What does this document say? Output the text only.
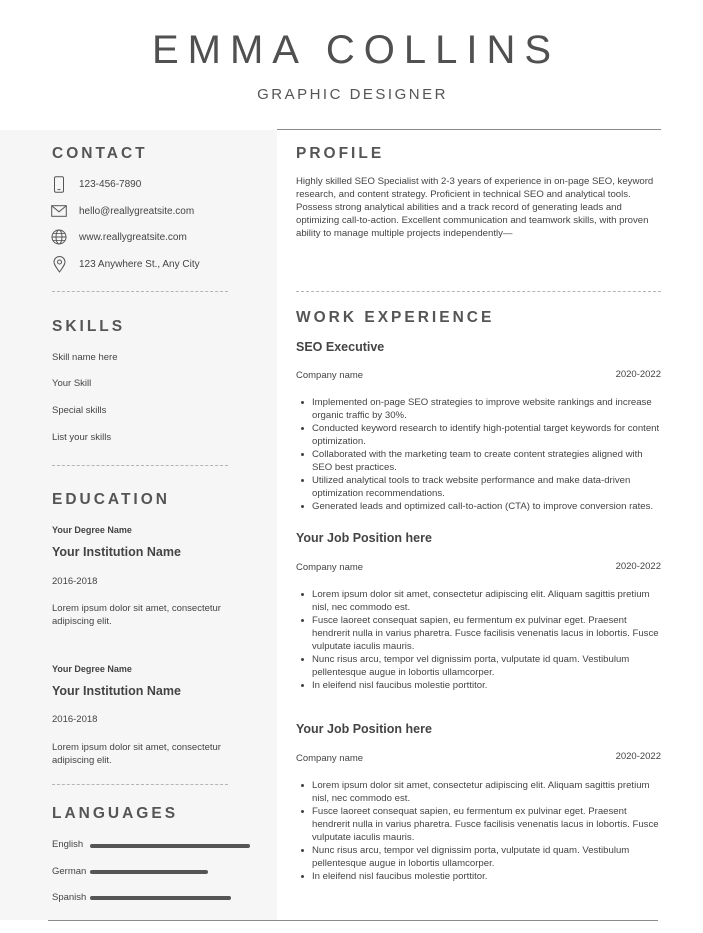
EMMA COLLINS
GRAPHIC DESIGNER
CONTACT
123-456-7890
hello@reallygreatsite.com
www.reallygreatsite.com
123 Anywhere St., Any City
SKILLS
Skill name here
Your Skill
Special skills
List your skills
EDUCATION
Your Degree Name
Your Institution Name
2016-2018
Lorem ipsum dolor sit amet, consectetur adipiscing elit.
Your Degree Name
Your Institution Name
2016-2018
Lorem ipsum dolor sit amet, consectetur adipiscing elit.
LANGUAGES
English
German
Spanish
PROFILE
Highly skilled SEO Specialist with 2-3 years of experience in on-page SEO, keyword research, and content strategy. Proficient in technical SEO and analytical tools. Possess strong analytical abilities and a track record of generating leads and optimizing call-to-action. Excellent communication and teamwork skills, with proven ability to manage multiple projects independently—
WORK EXPERIENCE
SEO Executive
Company name	2020-2022
Implemented on-page SEO strategies to improve website rankings and increase organic traffic by 30%.
Conducted keyword research to identify high-potential target keywords for content optimization.
Collaborated with the marketing team to create content strategies aligned with SEO best practices.
Utilized analytical tools to track website performance and make data-driven optimization recommendations.
Generated leads and optimized call-to-action (CTA) to improve conversion rates.
Your Job Position here
Company name	2020-2022
Lorem ipsum dolor sit amet, consectetur adipiscing elit. Aliquam sagittis pretium nisl, nec commodo est.
Fusce laoreet consequat sapien, eu fermentum ex pulvinar eget. Praesent hendrerit nulla in varius pharetra. Fusce facilisis venenatis lacus in lobortis. Fusce vulputate iaculis mauris.
Nunc risus arcu, tempor vel dignissim porta, vulputate id quam. Vestibulum pellentesque augue in lobortis ullamcorper.
In eleifend nisl faucibus molestie porttitor.
Your Job Position here
Company name	2020-2022
Lorem ipsum dolor sit amet, consectetur adipiscing elit. Aliquam sagittis pretium nisl, nec commodo est.
Fusce laoreet consequat sapien, eu fermentum ex pulvinar eget. Praesent hendrerit nulla in varius pharetra. Fusce facilisis venenatis lacus in lobortis. Fusce vulputate iaculis mauris.
Nunc risus arcu, tempor vel dignissim porta, vulputate id quam. Vestibulum pellentesque augue in lobortis ullamcorper.
In eleifend nisl faucibus molestie porttitor.
